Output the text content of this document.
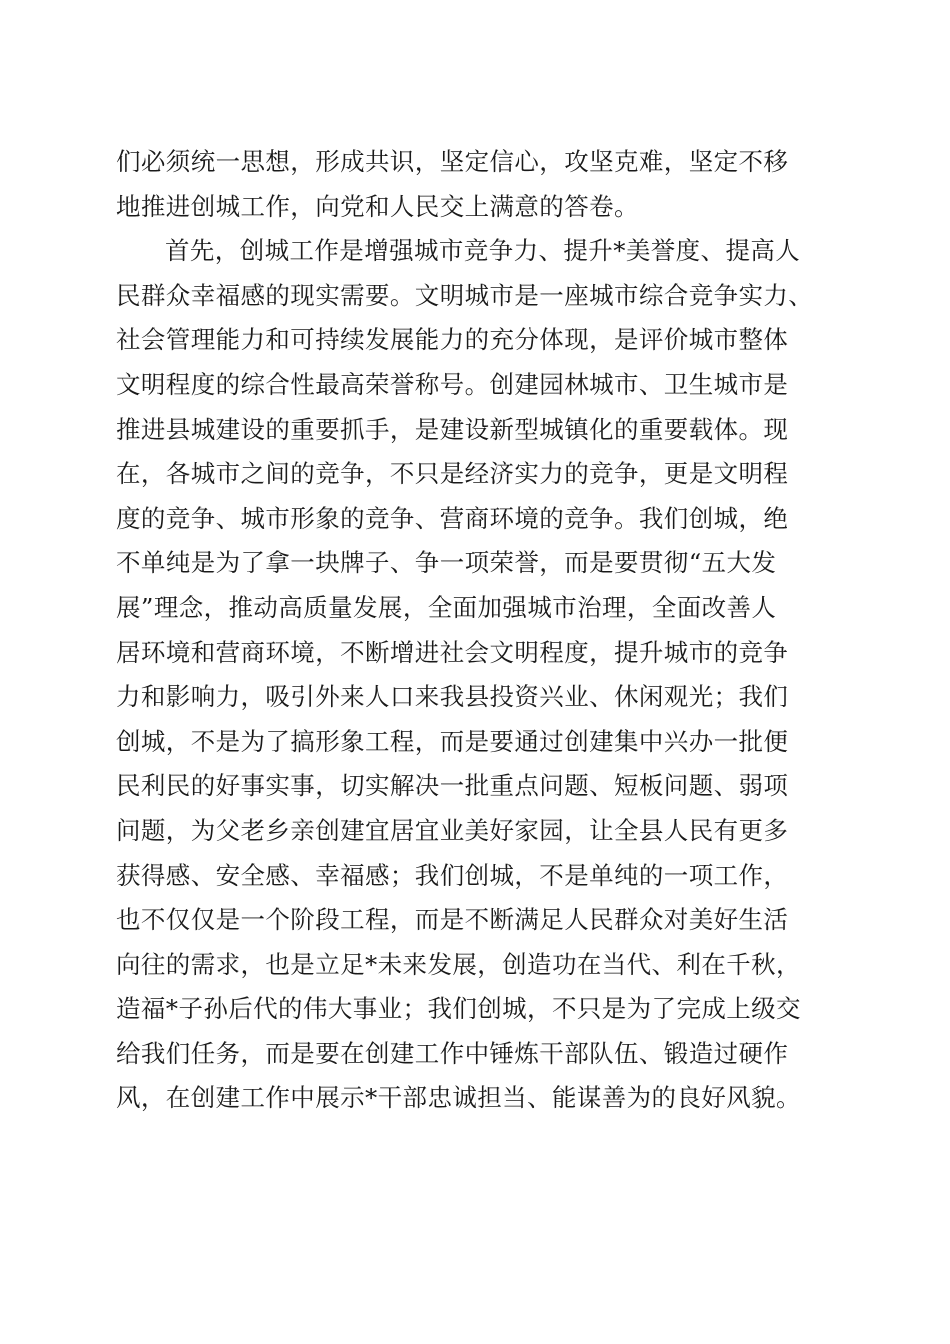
们必须统一思想，形成共识，坚定信心，攻坚克难，坚定不移
地推进创城工作，向党和人民交上满意的答卷。
首先，创城工作是增强城市竞争力、提升*美誉度、提高人
民群众幸福感的现实需要。文明城市是一座城市综合竞争实力、
社会管理能力和可持续发展能力的充分体现，是评价城市整体
文明程度的综合性最高荣誉称号。创建园林城市、卫生城市是
推进县城建设的重要抓手，是建设新型城镇化的重要载体。现
在，各城市之间的竞争，不只是经济实力的竞争，更是文明程
度的竞争、城市形象的竞争、营商环境的竞争。我们创城，绝
不单纯是为了拿一块牌子、争一项荣誉，而是要贯彻“五大发
展”理念，推动高质量发展，全面加强城市治理，全面改善人
居环境和营商环境，不断增进社会文明程度，提升城市的竞争
力和影响力，吸引外来人口来我县投资兴业、休闲观光；我们
创城，不是为了搞形象工程，而是要通过创建集中兴办一批便
民利民的好事实事，切实解决一批重点问题、短板问题、弱项
问题，为父老乡亲创建宜居宜业美好家园，让全县人民有更多
获得感、安全感、幸福感；我们创城，不是单纯的一项工作，
也不仅仅是一个阶段工程，而是不断满足人民群众对美好生活
向往的需求，也是立足*未来发展，创造功在当代、利在千秋，
造福*子孙后代的伟大事业；我们创城，不只是为了完成上级交
给我们任务，而是要在创建工作中锤炼干部队伍、锻造过硬作
风，在创建工作中展示*干部忠诚担当、能谋善为的良好风貌。
